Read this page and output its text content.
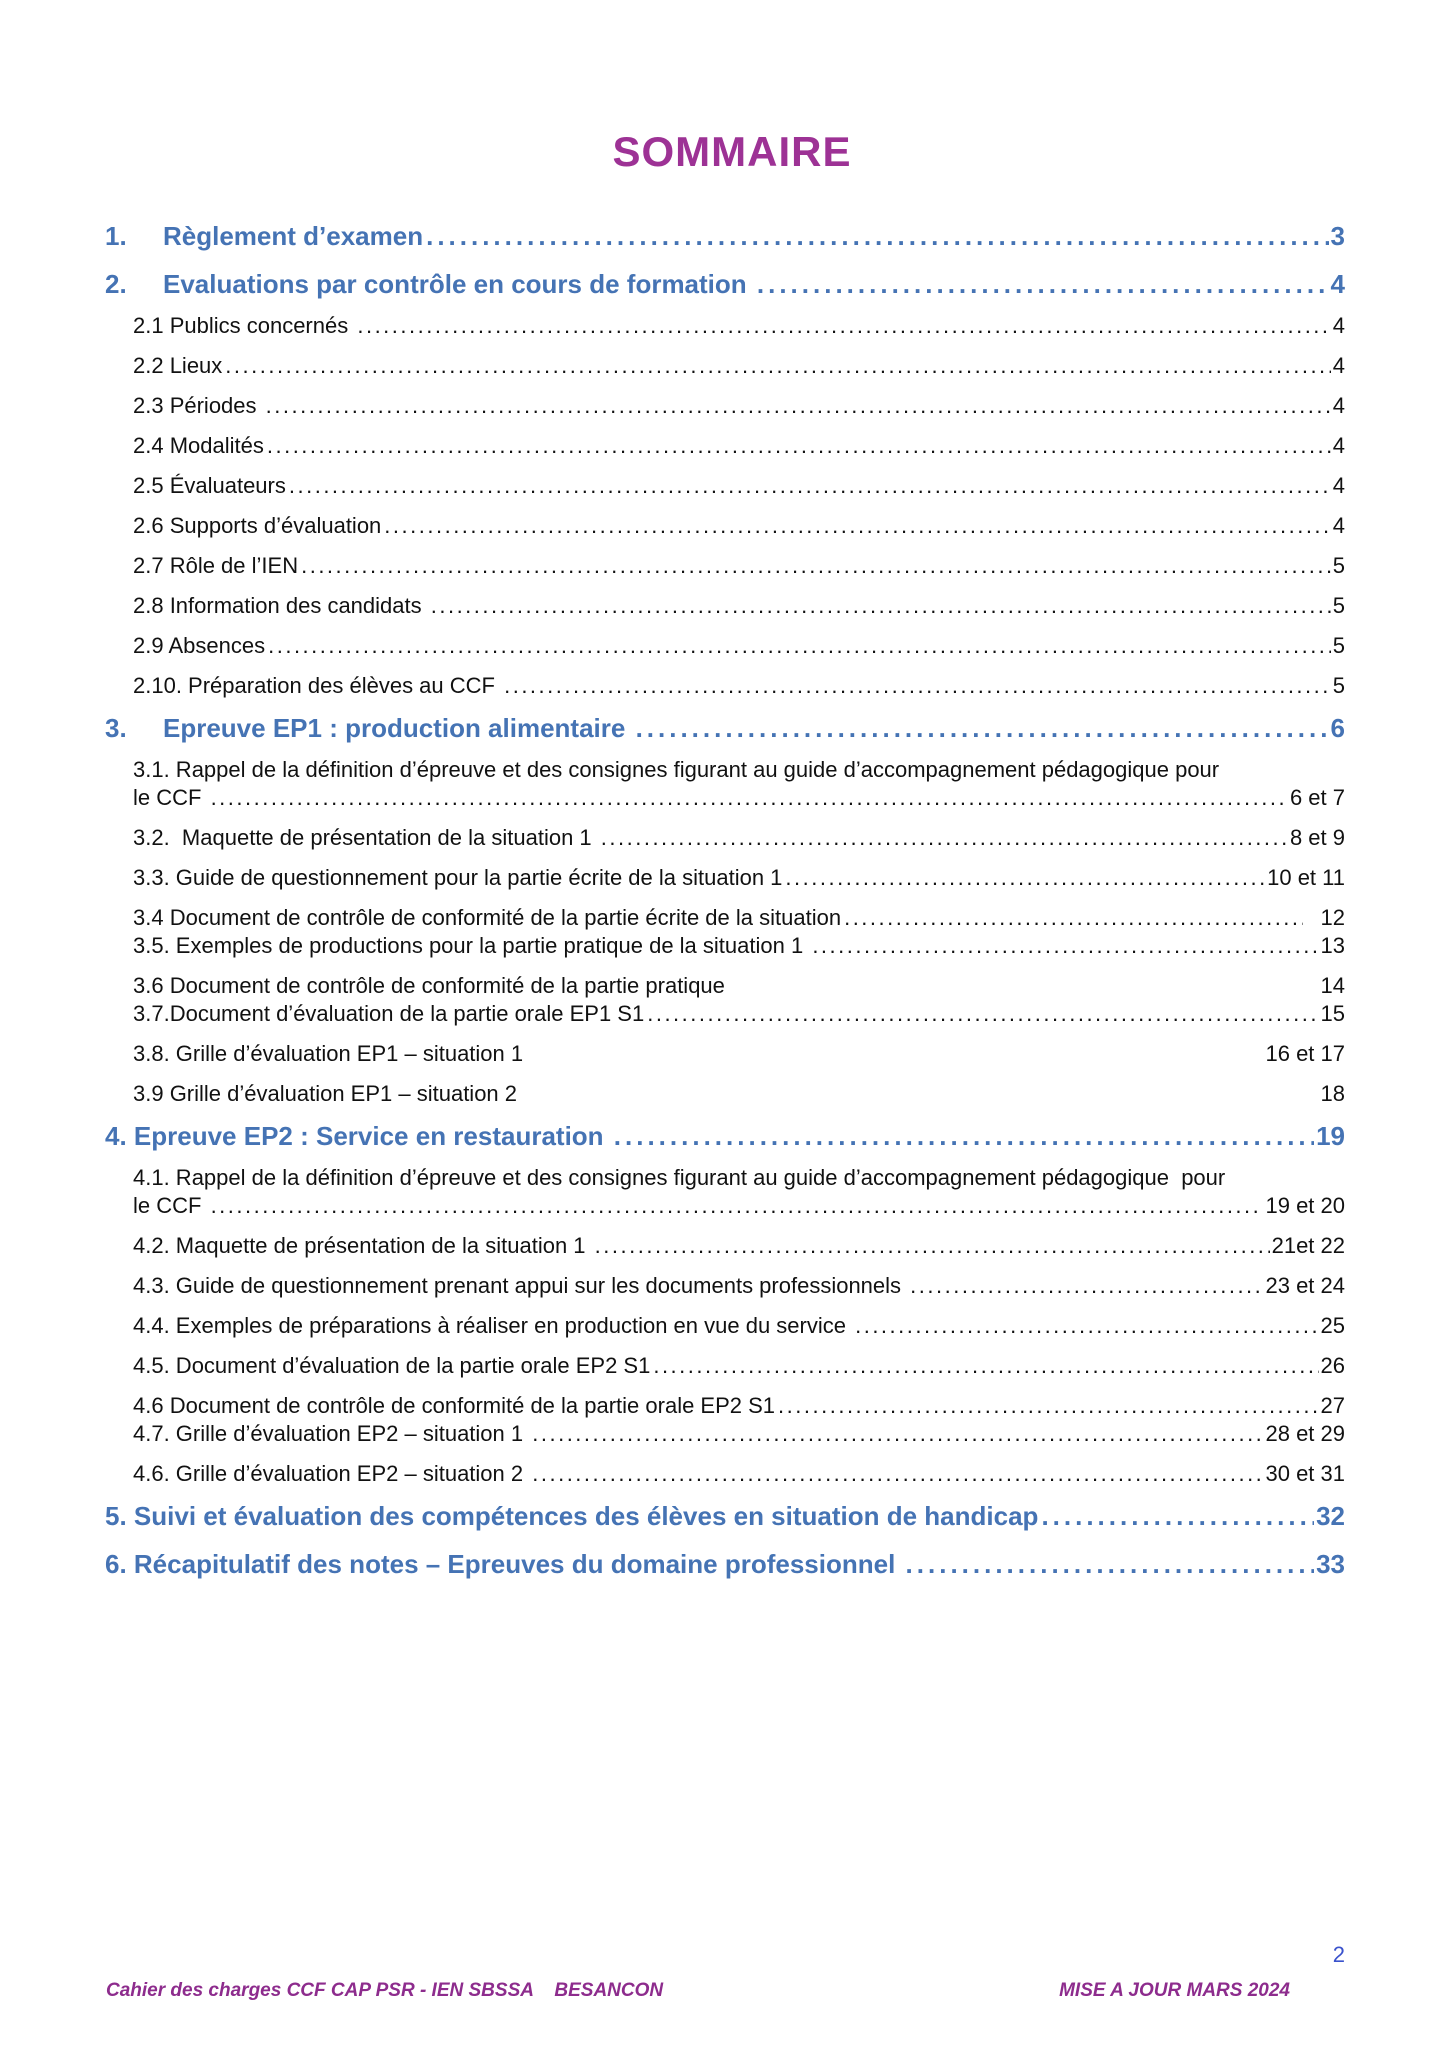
SOMMAIRE
1.	Règlement d’examen .....	3
2.	Evaluations par contrôle en cours de formation .....	4
2.1 Publics concernés .....	4
2.2 Lieux .....	4
2.3 Périodes .....	4
2.4 Modalités .....	4
2.5 Évaluateurs .....	4
2.6 Supports d’évaluation .....	4
2.7 Rôle de l’IEN .....	5
2.8 Information des candidats .....	5
2.9 Absences .....	5
2.10. Préparation des élèves au CCF .....	5
3.	Epreuve EP1 : production alimentaire .....	6
3.1. Rappel de la définition d’épreuve et des consignes figurant au guide d’accompagnement pédagogique pour
le CCF .....	6 et 7
3.2.  Maquette de présentation de la situation 1 .....	8 et 9
3.3. Guide de questionnement pour la partie écrite de la situation 1 .....	10 et 11
3.4 Document de contrôle de conformité de la partie écrite de la situation .....	12
3.5. Exemples de productions pour la partie pratique de la situation 1 .....	13
3.6 Document de contrôle de conformité de la partie pratique	14
3.7.Document d’évaluation de la partie orale EP1 S1 .....	15
3.8. Grille d’évaluation EP1 – situation 1	16 et 17
3.9 Grille d’évaluation EP1 – situation 2	18
4. Epreuve EP2 : Service en restauration .....	19
4.1. Rappel de la définition d’épreuve et des consignes figurant au guide d’accompagnement pédagogique  pour
le CCF .....	19 et 20
4.2. Maquette de présentation de la situation 1 .....	21et 22
4.3. Guide de questionnement prenant appui sur les documents professionnels .....	23 et 24
4.4. Exemples de préparations à réaliser en production en vue du service .....	25
4.5. Document d’évaluation de la partie orale EP2 S1 .....	26
4.6 Document de contrôle de conformité de la partie orale EP2 S1 .....	27
4.7. Grille d’évaluation EP2 – situation 1 .....	28 et 29
4.6. Grille d’évaluation EP2 – situation 2 .....	30 et 31
5. Suivi et évaluation des compétences des élèves en situation de handicap .....	32
6. Récapitulatif des notes – Epreuves du domaine professionnel .....	33
2
Cahier des charges CCF CAP PSR - IEN SBSSA    BESANCON	MISE A JOUR MARS 2024
